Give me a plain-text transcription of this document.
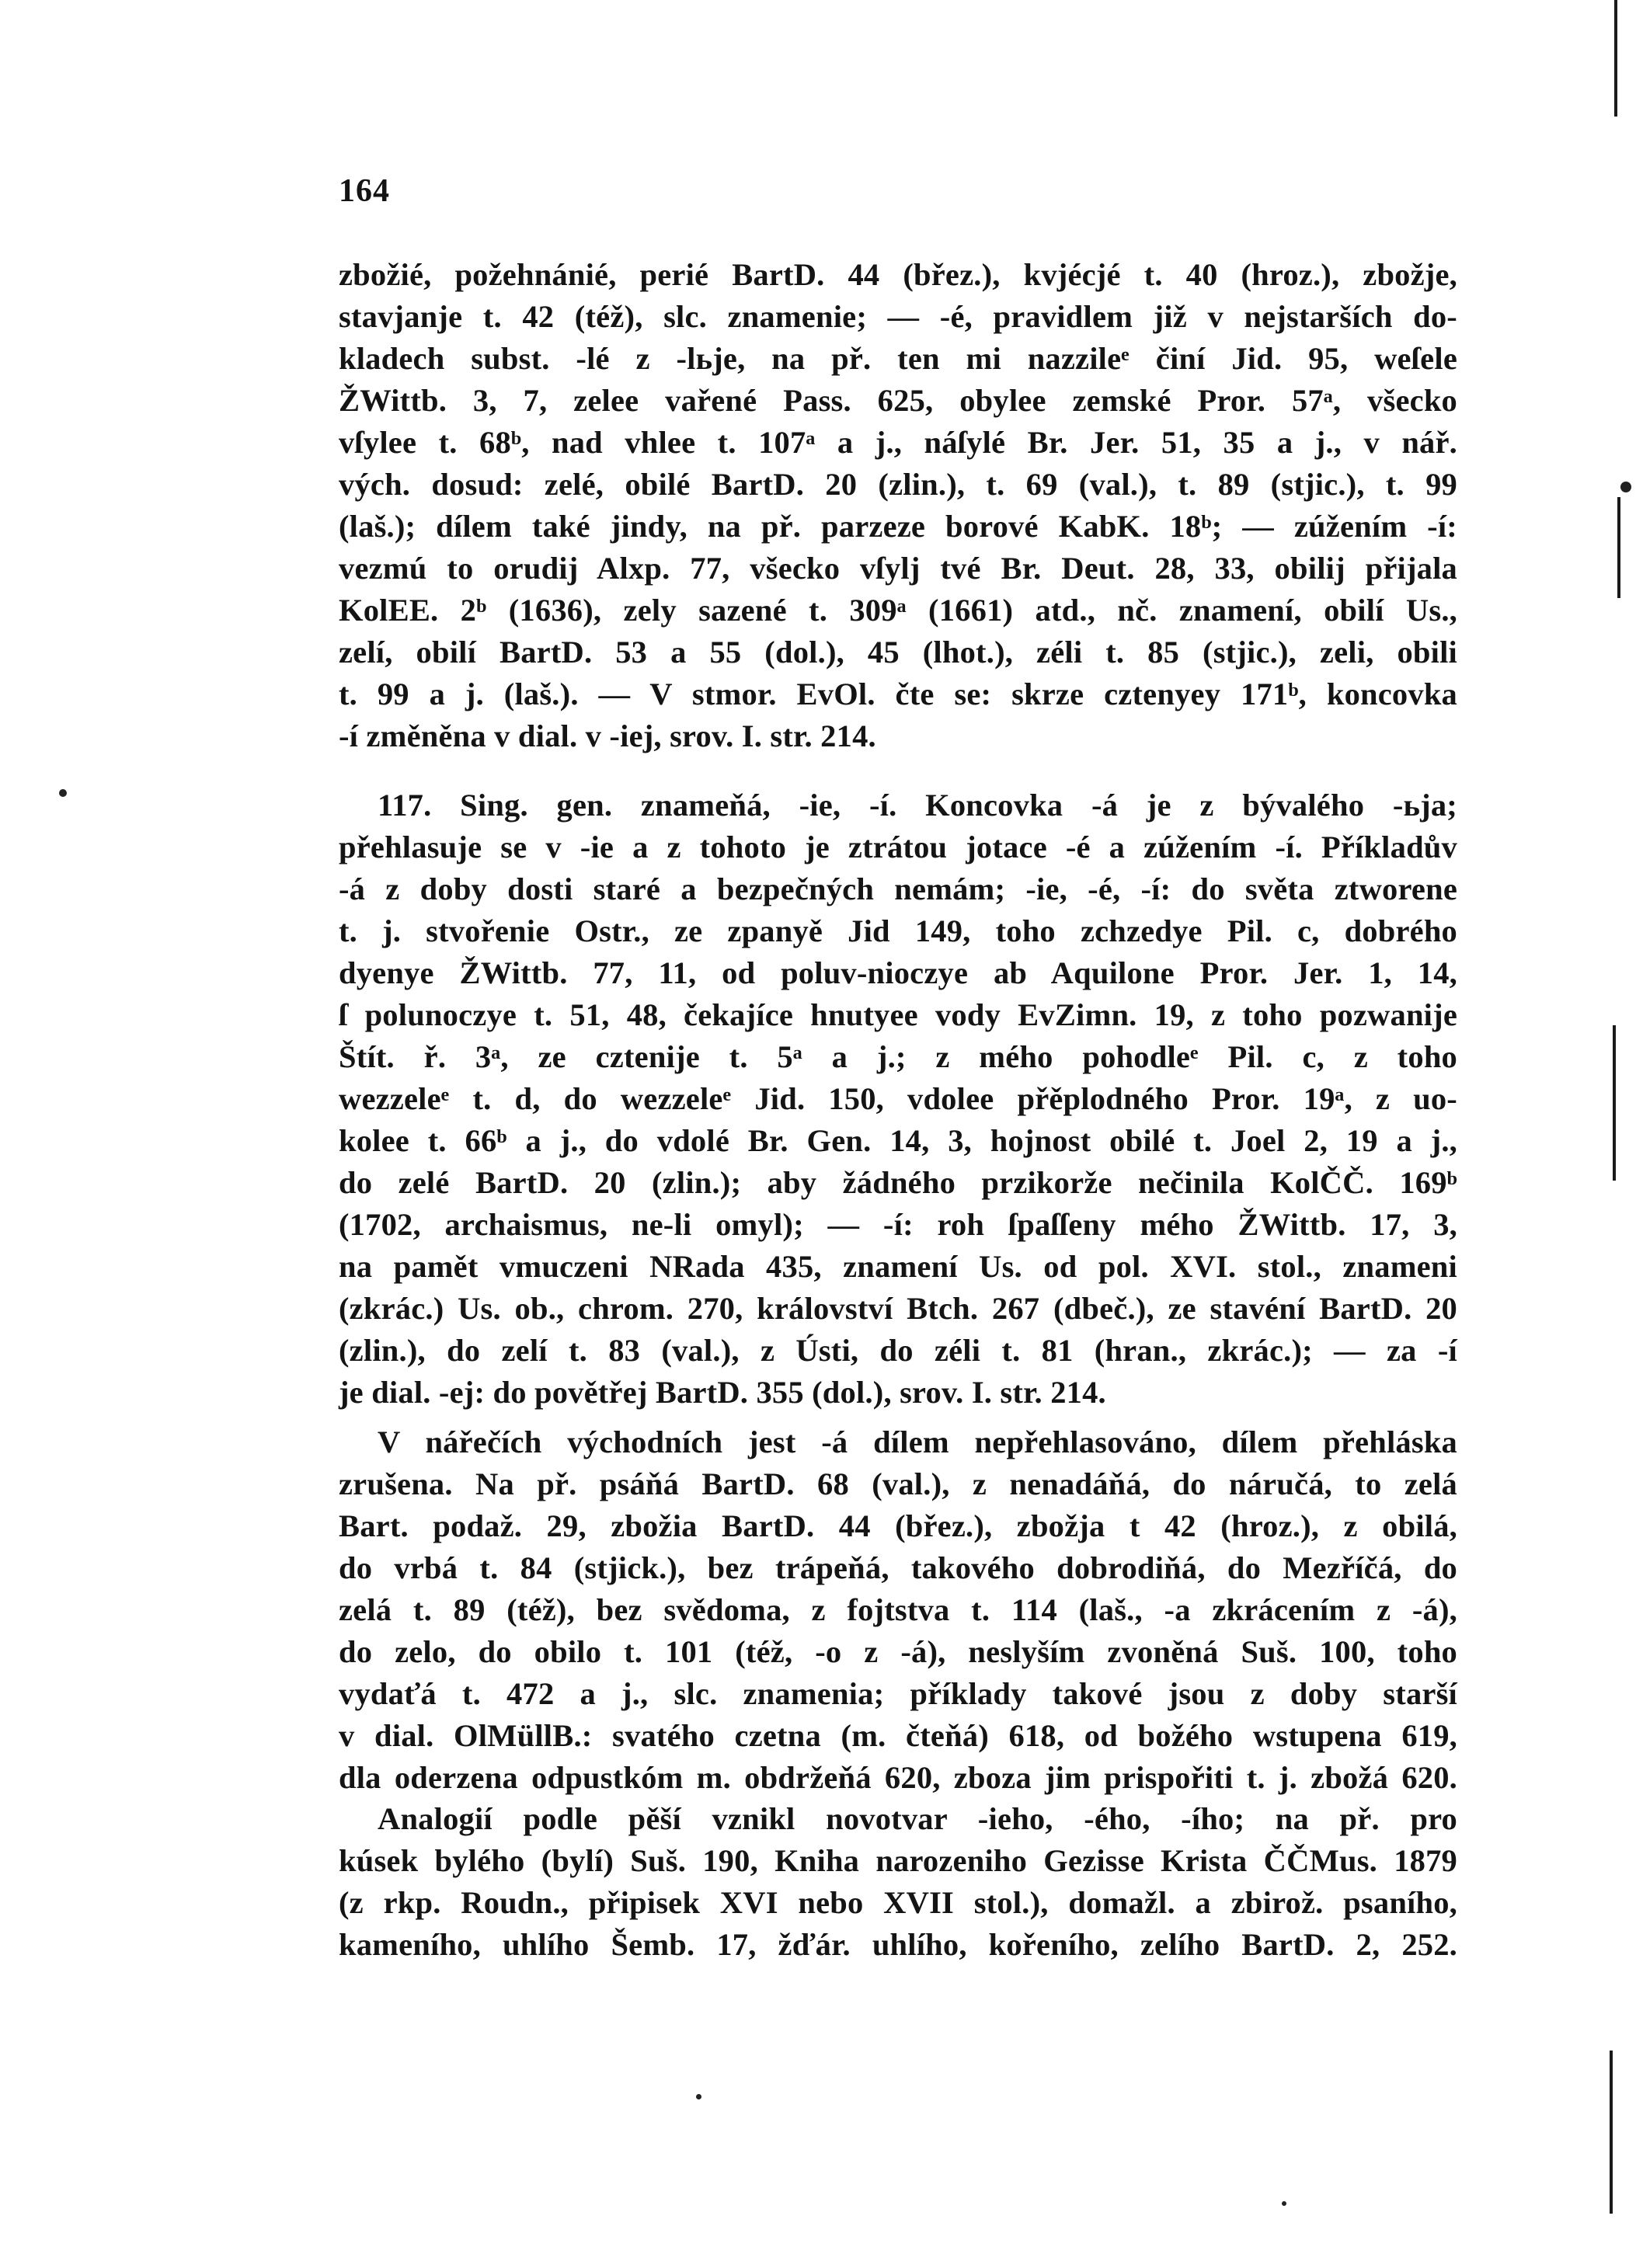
164
zbožié, požehnánié, perié BartD. 44 (břez.), kvjécjé t. 40 (hroz.), zbožje,
stavjanje t. 42 (též), slc. znamenie; — -é, pravidlem již v nejstarších do-
kladech subst. -lé z -lьje, na př. ten mi nazzileᵉ činí Jid. 95, weſele
ŽWittb. 3, 7, zelee vařené Pass. 625, obylee zemské Pror. 57ᵃ, všecko
vſylee t. 68ᵇ, nad vhlee t. 107ᵃ a j., náſylé Br. Jer. 51, 35 a j., v nář.
vých. dosud: zelé, obilé BartD. 20 (zlin.), t. 69 (val.), t. 89 (stjic.), t. 99
(laš.); dílem také jindy, na př. parzeze borové KabK. 18ᵇ; — zúžením -í:
vezmú to orudij Alxp. 77, všecko vſylj tvé Br. Deut. 28, 33, obilij přijala
KolEE. 2ᵇ (1636), zely sazené t. 309ᵃ (1661) atd., nč. znamení, obilí Us.,
zelí, obilí BartD. 53 a 55 (dol.), 45 (lhot.), zéli t. 85 (stjic.), zeli, obili
t. 99 a j. (laš.). — V stmor. EvOl. čte se: skrze cztenyey 171ᵇ, koncovka
-í změněna v dial. v -iej, srov. I. str. 214.
117. Sing. gen. znameňá, -ie, -í. Koncovka -á je z bývalého -ьja;
přehlasuje se v -ie a z tohoto je ztrátou jotace -é a zúžením -í. Příkladův
-á z doby dosti staré a bezpečných nemám; -ie, -é, -í: do světa ztworene
t. j. stvořenie Ostr., ze zpanyě Jid 149, toho zchzedye Pil. c, dobrého
dyenye ŽWittb. 77, 11, od poluv-nioczye ab Aquilone Pror. Jer. 1, 14,
ſ polunoczye t. 51, 48, čekajíce hnutyee vody EvZimn. 19, z toho pozwanije
Štít. ř. 3ᵃ, ze cztenije t. 5ᵃ a j.; z mého pohodleᵉ Pil. c, z toho
wezzeleᵉ t. d, do wezzeleᵉ Jid. 150, vdolee přěplodného Pror. 19ᵃ, z uo-
kolee t. 66ᵇ a j., do vdolé Br. Gen. 14, 3, hojnost obilé t. Joel 2, 19 a j.,
do zelé BartD. 20 (zlin.); aby žádného przikorže nečinila KolČČ. 169ᵇ
(1702, archaismus, ne-li omyl); — -í: roh ſpaſſeny mého ŽWittb. 17, 3,
na pamět vmuczeni NRada 435, znamení Us. od pol. XVI. stol., znameni
(zkrác.) Us. ob., chrom. 270, království Btch. 267 (dbeč.), ze stavéní BartD. 20
(zlin.), do zelí t. 83 (val.), z Ústi, do zéli t. 81 (hran., zkrác.); — za -í
je dial. -ej: do povětřej BartD. 355 (dol.), srov. I. str. 214.
V nářečích východních jest -á dílem nepřehlasováno, dílem přehláska
zrušena. Na př. psáňá BartD. 68 (val.), z nenadáňá, do náručá, to zelá
Bart. podaž. 29, zbožia BartD. 44 (břez.), zbožja t 42 (hroz.), z obilá,
do vrbá t. 84 (stjick.), bez trápeňá, takového dobrodiňá, do Mezříčá, do
zelá t. 89 (též), bez svědoma, z fojtstva t. 114 (laš., -a zkrácením z -á),
do zelo, do obilo t. 101 (též, -o z -á), neslyším zvoněná Suš. 100, toho
vydaťá t. 472 a j., slc. znamenia; příklady takové jsou z doby starší
v dial. OlMüllB.: svatého czetna (m. čteňá) 618, od božého wstupena 619,
dla oderzena odpustkóm m. obdržeňá 620, zboza jim prispořiti t. j. zbožá 620.
Analogií podle pěší vznikl novotvar -ieho, -ého, -ího; na př. pro
kúsek bylého (bylí) Suš. 190, Kniha narozeniho Gezisse Krista ČČMus. 1879
(z rkp. Roudn., připisek XVI nebo XVII stol.), domažl. a zbirož. psaního,
kameního, uhlího Šemb. 17, žďár. uhlího, kořeního, zelího BartD. 2, 252.
